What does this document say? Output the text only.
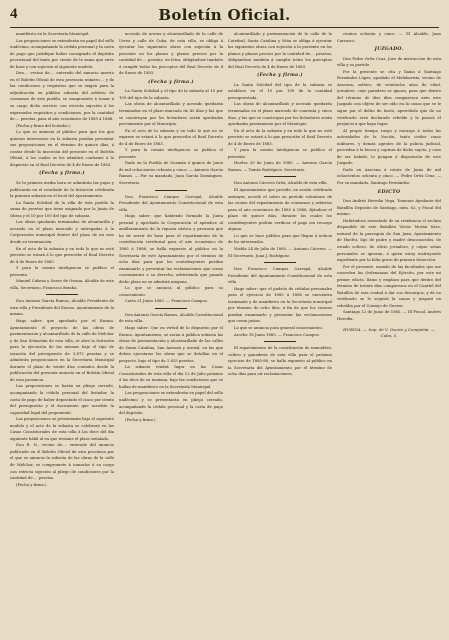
4	Boletín Oficial.

manifiesto en la Secretaría Municipal.

Las proposiciones se extenderán en papel del sello undécimo, acompañando la cédula personal y la carta de pago que justifique haber consignado el depósito provisional del tanto por ciento de la suma que sirve de base y con sujeción al siguiente modelo:

Don.... vecino de.... enterado del anuncio inserto en el Boletín Oficial de esta provincia número.... y de las condiciones y requisitos que se exigen para la adjudicación en pública subasta del arbitrio de consumos de este pueblo, se compromete á tomar á su cargo dicho servicio con estricta sujeción á los expresados requisitos y condiciones, por la cantidad de.... pesetas, para el año económico de 1885 á 1886.

(Fecha y firma del licitador.)

Lo que se anuncia al público para que los que quieran interesarse en la subasta puedan presentar sus proposiciones en el término de quince días, á contar desde la inserción del presente en el Boletín Oficial, á los cuales se les admitirá conforme á lo dispuesto en el Real Decreto de 4 de Enero de 1883.

(Fecha y firma.)

Se la primera media hora se admitirán las pujas y publicarán en el resultado de la licitación celebrada la primera subasta en el local del Ayuntamiento.

La Santa Soledad de la villa de este pueblo la suma de pesetas que tiene asignada por la Junta de Obras y el 10 por 100 del tipo de subasta.

Las obras quedarán terminadas de alcantarilla y acerado en el plazo marcado y entregadas á la Corporación municipal dentro del plazo de un mes desde su terminación.

En el acto de la subasta y en todo lo que no esté previsto se estará á lo que prescribe el Real Decreto de 4 de Enero de 1883.

Y para la común inteligencia se publica el presente.

Manuel Cabeza y Suero de Ossina, Alcalde de este villa, Secretario, Francisco Bomba.

Don Antonio García Ramos, Alcalde Presidente de esta villa y Presidente del Excmo. Ayuntamiento de la misma.

Hago saber: que aprobado por el Excmo. Ayuntamiento el proyecto de las obras de pavimentación y alcantarillado de la calle de Melchor y de San Sebastián de esta villa, se abre la licitación para la ejecución de las mismas bajo el tipo de tasación del presupuesto de 3.875 pesetas y se admitirán proposiciones en la Secretaría Municipal durante el plazo de veinte días contados desde la publicación del presente anuncio en el Boletín Oficial de esta provincia.

Las proposiciones se harán en pliego cerrado, acompañando la cédula personal del licitador, la carta de pago de haber depositado el cinco por ciento del presupuesto y el documento que acredite la capacidad legal del proponente.

Las proposiciones se presentarán bajo el siguiente modelo y el acto de la subasta se celebrará en las Casas Consistoriales de esta villa á las doce del día siguiente hábil al en que termine el plazo señalado.

Don R. N., vecino de.... enterado del anuncio publicado en el Boletín Oficial de esta provincia por el que se anuncia la subasta de las obras de la calle de Melchor, se compromete á tomarlas á su cargo con estricta sujeción al pliego de condiciones por la cantidad de.... pesetas.

(Fecha y firma.)

acerado de aceras y alcantarillado de la calle de Urrea y calle de Cuba, de esta villa, se obliga á ejecutar las siguientes obras con sujeción á la presente en los planos y planos precios por la cantidad de.... pesetas, en letra, obligándose también á cumplir todos los preceptos del Real Decreto de 4 de Enero de 1883.

(Fecha y firma.)

La Santa Soledad y el tipo de la subasta al 10 por 100 del tipo de la subasta.

Las obras de alcantarillado y acerado quedarán terminadas en el plazo marcado de 45 días y las que se construyan por los licitadores serán aprobadas previamente por el Municipio.

En el acto de la subasta y en todo lo que no se exprese se estará á lo que prescribe el Real Decreto de 4 de Enero de 1883.

Y para la común inteligencia se publica el presente.

Dado en la Puebla de Guzmán á quince de Junio de mil ochocientos ochenta y cinco. — Antonio García Ramos. — Por su mandado, Juan García Domínguez, Secretario.

Don Francisco Campos Carvajal, Alcalde Presidente del Ayuntamiento Constitucional de esta villa.

Hago saber: que habiendo formado la Junta pericial y aprobado la Corporación el apéndice al amillaramiento de la riqueza rústica y pecuaria que ha de servir de base para el repartimiento de la contribución territorial para el año económico de 1885 á 1886, se halla expuesto al público en la Secretaría de este Ayuntamiento por el término de ocho días para que los contribuyentes puedan examinarlo y presentar las reclamaciones que crean convenientes a su derecho, advirtiendo que pasado dicho plazo no se admitirá ninguna.

Lo que se anuncia al público para su conocimiento.

Carta 21 Junio 1885. — Francisco Campos.

Don Antonio García Ramos, Alcalde Constitucional de esta villa.

Hago saber: Que en virtud de lo dispuesto por el Excmo. Ayuntamiento, se sacan á pública subasta las obras de pavimentación y alcantarillado de las calles de Santa Catalina, San Antonio y Arenal, en las que deben ejecutarse las obras que se detallan en el proyecto, bajo el tipo de 1.825 pesetas.

La subasta tendrá lugar en las Casas Consistoriales de esta villa el día 12 de Julio próximo á las doce de su mañana, bajo las condiciones que se hallan de manifiesto en la Secretaría Municipal.

Las proposiciones se extenderán en papel del sello undécimo y se presentarán en pliego cerrado, acompañando la cédula personal y la carta de pago del depósito.

(Fecha y firma.)

alcantarillado y pavimentación de la calle de la Catedral, Santa Catalina y Niña se obliga á ejecutar las siguientes obras con sujeción á la presente en los planos y planos precios por la cantidad de.... pesetas, obligándose también á cumplir todos los preceptos del Real Decreto de 4 de Enero de 1883.

(Fecha y firma.)

La Santa Soledad del tipo de la subasta se establece en el 10 por 100 de la cantidad presupuestada.

Las obras de alcantarillado y acerado quedarán terminadas en el plazo marcado de cuarenta y cinco días, y las que se construyan por los licitadores serán aprobadas previamente por el Municipio.

En el acto de la subasta y en todo lo que no esté previsto se estará á lo que prescribe el Real Decreto de 4 de Enero de 1883.

Y para la común inteligencia se publica el presente.

Huelva 20 de Junio de 1885. — Antonio García Ramos. — Tomás Rodríguez, Secretario.

Don Antonio Cáceres Ortiz, Alcalde de esta villa.

El Ayuntamiento que preside, en sesión celebrada anteayer, acordó el cobro en período voluntario de las cuotas del repartimiento de consumos y arbitrios para el año económico de 1885 á 1886, fijándose el plazo de quince días, durante los cuales los contribuyentes podrán verificar el pago sin recargo alguno.

Lo que se hace público para que llegue á noticia de los interesados.

Niebla 24 de Julio de 1885. — Antonio Cáceres. — El Secretario, Juan J. Rodríguez.

Don Francisco Campos Carvajal, Alcalde Presidente del Ayuntamiento Constitucional de esta villa.

Hago saber: que el padrón de cédulas personales para el ejercicio de 1885 á 1886 se encuentra terminado y de manifiesto en la Secretaría municipal por término de ocho días, á fin de que los vecinos puedan examinarlo y presentar las reclamaciones que crean justas.

Lo que se anuncia para general conocimiento.

Aroche 18 Junio 1885. — Francisco Campos.

El repartimiento de la contribución de inmuebles, cultivo y ganadería de esta villa para el próximo ejercicio de 1885-86, se halla expuesto al público en la Secretaría del Ayuntamiento por el término de ocho días para oír reclamaciones.

cientos ochenta y cinco. — El Alcalde, Juan Carrasco.

JUZGADO.

Don Pedro Ortiz Cruz, Juez de instrucción de esta villa y su partido.

Por la presente se cita y llama á Santiago Fernández López, apodado el Malabarista, vecino de Aracena, soltero, de veintiocho años de edad, jornalero, cuyo paradero se ignora, para que dentro del término de diez días comparezca ante este Juzgado con objeto de ser oído en la causa que se le sigue por el delito de hurto, apercibido que de no verificarlo será declarado rebelde y le parará el perjuicio á que haya lugar.

Al propio tiempo ruego y encargo á todas las autoridades de la Nación, tanto civiles como militares, y demás agentes de la policía judicial, procedan á la busca y captura de dicho sujeto, y caso de ser habido, lo pongan á disposición de este Juzgado.

Dado en Aracena á veinte de Junio de mil ochocientos ochenta y cinco. — Pedro Ortiz Cruz. — Por su mandado, Santiago Fernández.

EDICTO

Don Andrés Heredia Vega, Teniente Ayudante del Batallón Depósito de Santiago, núm. 62, y Fiscal del mismo.

Habiéndose ausentado de su residencia el recluta disponible de este Batallón Víctor Morán Sáez, natural de la parroquia de San Juan, Ayuntamiento de Huelva, hijo de padre y madre desconocidos, de estado soltero, de oficio jornalero, y cuyas señas personales se ignoran, á quien estoy instruyendo expediente por la falta grave de primera deserción.

Por el presente, usando de las facultades que me conceden las Ordenanzas del Ejército, por este mi primer edicto, llamo y emplazo para que dentro del término de treinta días comparezca en el Cuartel del Batallón de esta ciudad á dar sus descargos, y de no verificarlo se le seguirá la causa y juzgará en rebeldía por el Consejo de Guerra.

Santiago 12 de Junio de 1885. — El Fiscal, Andrés Heredia.

HUELVA. — Imp. de V. Osorio y Compañía. — Cuba, 5.
